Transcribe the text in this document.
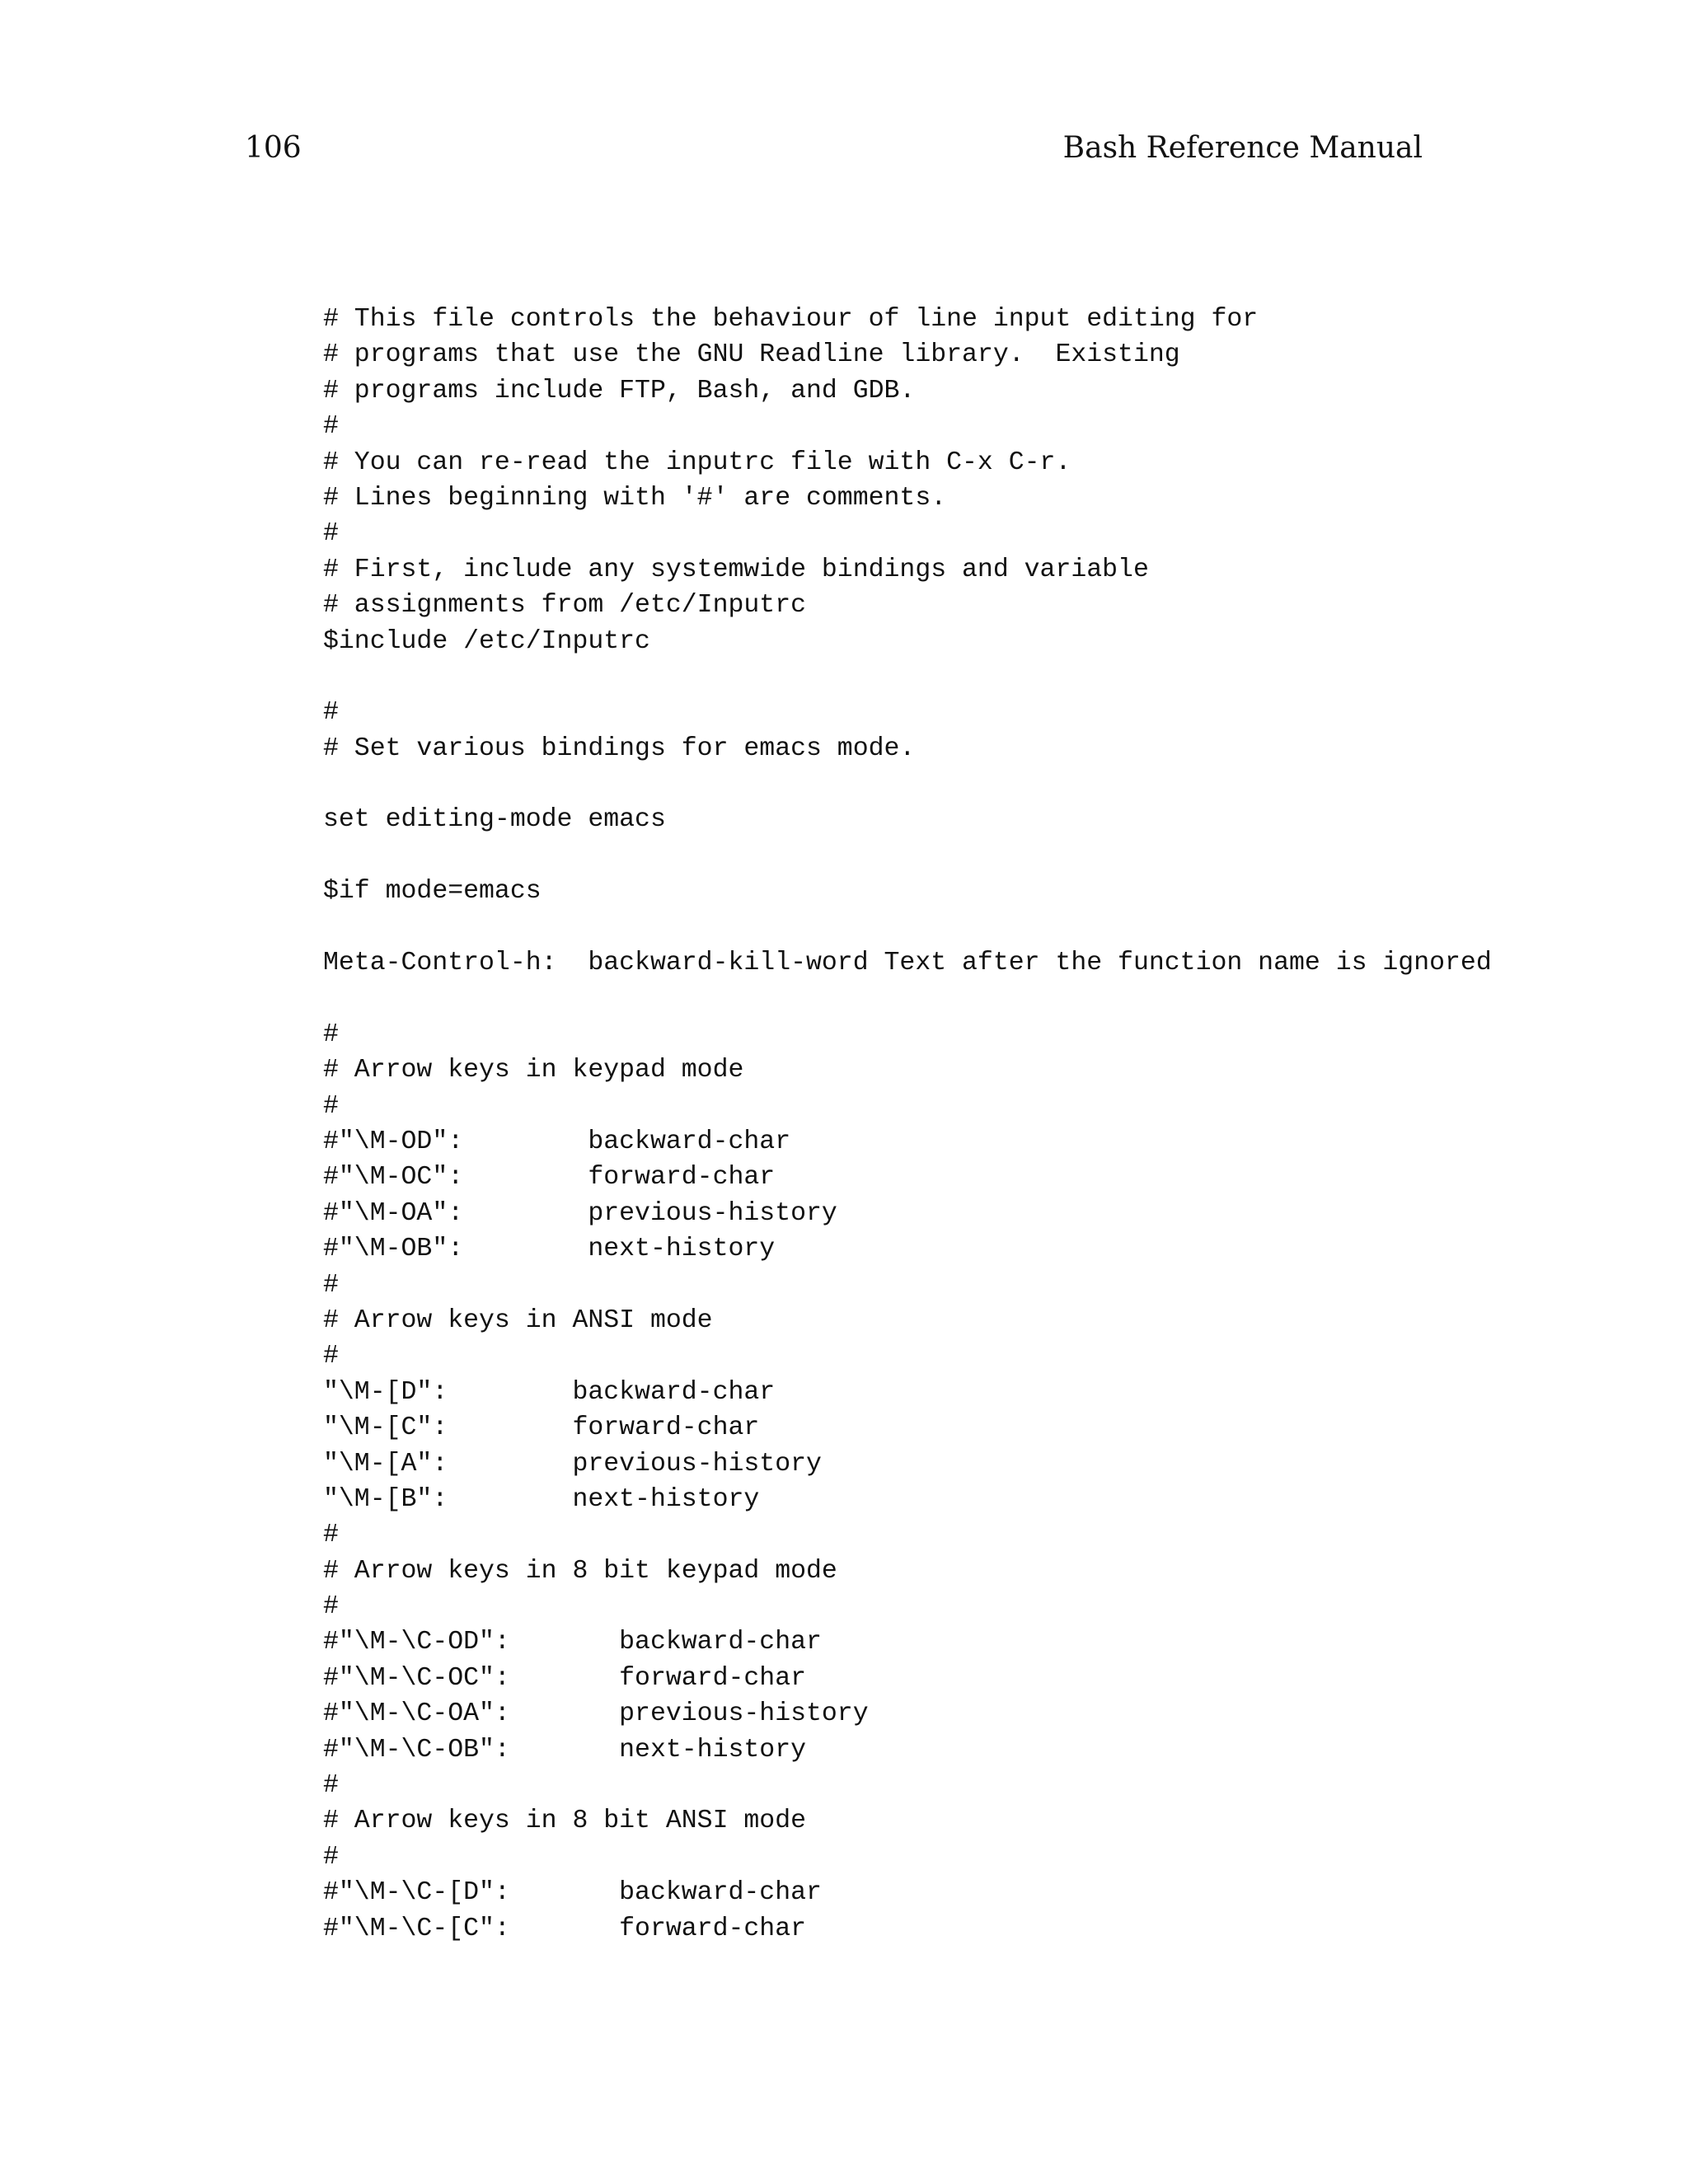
106	Bash Reference Manual
# This file controls the behaviour of line input editing for
# programs that use the GNU Readline library.  Existing
# programs include FTP, Bash, and GDB.
#
# You can re-read the inputrc file with C-x C-r.
# Lines beginning with '#' are comments.
#
# First, include any systemwide bindings and variable
# assignments from /etc/Inputrc
$include /etc/Inputrc
#
# Set various bindings for emacs mode.
set editing-mode emacs
$if mode=emacs
Meta-Control-h:  backward-kill-word Text after the function name is ignored
#
# Arrow keys in keypad mode
#
#"\M-OD":        backward-char
#"\M-OC":        forward-char
#"\M-OA":        previous-history
#"\M-OB":        next-history
#
# Arrow keys in ANSI mode
#
"\M-[D":        backward-char
"\M-[C":        forward-char
"\M-[A":        previous-history
"\M-[B":        next-history
#
# Arrow keys in 8 bit keypad mode
#
#"\M-\C-OD":       backward-char
#"\M-\C-OC":       forward-char
#"\M-\C-OA":       previous-history
#"\M-\C-OB":       next-history
#
# Arrow keys in 8 bit ANSI mode
#
#"\M-\C-[D":       backward-char
#"\M-\C-[C":       forward-char
